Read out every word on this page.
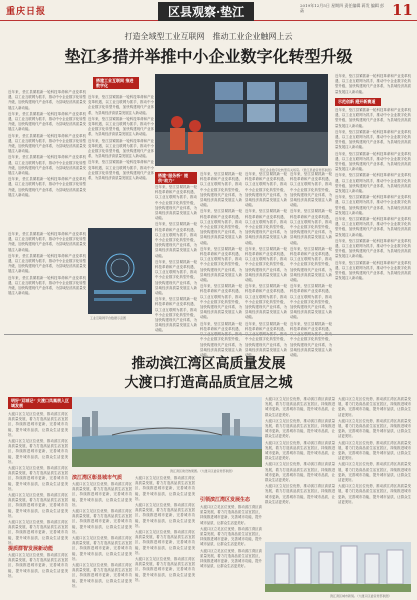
重庆日报	区县观察·垫江	2019年12月5日 星期四 责任编辑 蒋发 编辑 彭菡	11
打造全域型工业互联网　推动工业企业触网上云
垫江多措并举推中小企业数字化转型升级
搭建工业互联网 推进数字化

近年来，垫江县紧抓新一轮科技革命和产业变革机遇，以工业互联网为抓手，推动中小企业数字化转型升级，加快构建现代产业体系，为县域经济高质量发展注入新动能。

近年来，垫江县紧抓新一轮科技革命和产业变革机遇，以工业互联网为抓手，推动中小企业数字化转型升级，加快构建现代产业体系，为县域经济高质量发展注入新动能。

近年来，垫江县紧抓新一轮科技革命和产业变革机遇，以工业互联网为抓手，推动中小企业数字化转型升级，加快构建现代产业体系，为县域经济高质量发展注入新动能。

近年来，垫江县紧抓新一轮科技革命和产业变革机遇，以工业互联网为抓手，推动中小企业数字化转型升级，加快构建现代产业体系，为县域经济高质量发展注入新动能。

近年来，垫江县紧抓新一轮科技革命和产业变革机遇，以工业互联网为抓手，推动中小企业数字化转型升级，加快构建现代产业体系，为县域经济高质量发展注入新动能。

近年来，垫江县紧抓新一轮科技革命和产业变革机遇，以工业互联网为抓手，推动中小企业数字化转型升级，加快构建现代产业体系，为县域经济高质量发展注入新动能。

近年来，垫江县紧抓新一轮科技革命和产业变革机遇，以工业互联网为抓手，推动中小企业数字化转型升级，加快构建现代产业体系，为县域经济高质量发展注入新动能。

近年来，垫江县紧抓新一轮科技革命和产业变革机遇，以工业互联网为抓手，推动中小企业数字化转型升级，加快构建现代产业体系，为县域经济高质量发展注入新动能。

近年来，垫江县紧抓新一轮科技革命和产业变革机遇，以工业互联网为抓手，推动中小企业数字化转型升级，加快构建现代产业体系，为县域经济高质量发展注入新动能。

垫江企业数字化转型有关场景。（垫江县委宣传部供图）

近年来，垫江县紧抓新一轮科技革命和产业变革机遇，以工业互联网为抓手，推动中小企业数字化转型升级，加快构建现代产业体系，为县域经济高质量发展注入新动能。

示范创新 蹬开新赛道

近年来，垫江县紧抓新一轮科技革命和产业变革机遇，以工业互联网为抓手，推动中小企业数字化转型升级，加快构建现代产业体系，为县域经济高质量发展注入新动能。

近年来，垫江县紧抓新一轮科技革命和产业变革机遇，以工业互联网为抓手，推动中小企业数字化转型升级，加快构建现代产业体系，为县域经济高质量发展注入新动能。

近年来，垫江县紧抓新一轮科技革命和产业变革机遇，以工业互联网为抓手，推动中小企业数字化转型升级，加快构建现代产业体系，为县域经济高质量发展注入新动能。

近年来，垫江县紧抓新一轮科技革命和产业变革机遇，以工业互联网为抓手，推动中小企业数字化转型升级，加快构建现代产业体系，为县域经济高质量发展注入新动能。

近年来，垫江县紧抓新一轮科技革命和产业变革机遇，以工业互联网为抓手，推动中小企业数字化转型升级，加快构建现代产业体系，为县域经济高质量发展注入新动能。

近年来，垫江县紧抓新一轮科技革命和产业变革机遇，以工业互联网为抓手，推动中小企业数字化转型升级，加快构建现代产业体系，为县域经济高质量发展注入新动能。

近年来，垫江县紧抓新一轮科技革命和产业变革机遇，以工业互联网为抓手，推动中小企业数字化转型升级，加快构建现代产业体系，为县域经济高质量发展注入新动能。

近年来，垫江县紧抓新一轮科技革命和产业变革机遇，以工业互联网为抓手，推动中小企业数字化转型升级，加快构建现代产业体系，为县域经济高质量发展注入新动能。

搭建“服务桥” 提供“助力”

近年来，垫江县紧抓新一轮科技革命和产业变革机遇，以工业互联网为抓手，推动中小企业数字化转型升级，加快构建现代产业体系，为县域经济高质量发展注入新动能。

近年来，垫江县紧抓新一轮科技革命和产业变革机遇，以工业互联网为抓手，推动中小企业数字化转型升级，加快构建现代产业体系，为县域经济高质量发展注入新动能。

近年来，垫江县紧抓新一轮科技革命和产业变革机遇，以工业互联网为抓手，推动中小企业数字化转型升级，加快构建现代产业体系，为县域经济高质量发展注入新动能。

近年来，垫江县紧抓新一轮科技革命和产业变革机遇，以工业互联网为抓手，推动中小企业数字化转型升级，加快构建现代产业体系，为县域经济高质量发展注入新动能。

近年来，垫江县紧抓新一轮科技革命和产业变革机遇，以工业互联网为抓手，推动中小企业数字化转型升级，加快构建现代产业体系，为县域经济高质量发展注入新动能。

近年来，垫江县紧抓新一轮科技革命和产业变革机遇，以工业互联网为抓手，推动中小企业数字化转型升级，加快构建现代产业体系，为县域经济高质量发展注入新动能。

近年来，垫江县紧抓新一轮科技革命和产业变革机遇，以工业互联网为抓手，推动中小企业数字化转型升级，加快构建现代产业体系，为县域经济高质量发展注入新动能。

近年来，垫江县紧抓新一轮科技革命和产业变革机遇，以工业互联网为抓手，推动中小企业数字化转型升级，加快构建现代产业体系，为县域经济高质量发展注入新动能。

近年来，垫江县紧抓新一轮科技革命和产业变革机遇， 中小企业数字化转型升级，加快构建现代产业体系，为县域经济高质量发展注入新动能。

近年来，垫江县紧抓新一轮科技革命和产业变革机遇，以工业互联网为抓手，推动中小企业数字化转型升级，加快构建现代产业体系，为县域经济高质量发展注入新动能。

近年来，垫江县紧抓新一轮科技革命和产业变革机遇，以工业互联网为抓手，推动中小企业数字化转型升级，加快构建现代产业体系，为县域经济高质量发展注入新动能。

近年来，垫江县紧抓新一轮科技革命和产业变革机遇，以工业互联网为抓手，推动中小企业数字化转型升级，加快构建现代产业体系，为县域经济高质量发展注入新动能。

近年来，垫江县紧抓新一轮科技革命和产业变革机遇，以工业互联网为抓手，推动中小企业数字化转型升级，加快构建现代产业体系，为县域经济高质量发展注入新动能。

近年来，垫江县紧抓新一轮科技革命和产业变革机遇， 中小企业数字化转型升级，加快构建现代产业体系，为县域经济高质量发展注入新动能。

近年来，垫江县紧抓新一轮科技革命和产业变革机遇，以工业互联网为抓手，推动中小企业数字化转型升级，加快构建现代产业体系，为县域经济高质量发展注入新动能。

近年来，垫江县紧抓新一轮科技革命和产业变革机遇，以工业互联网为抓手，推动中小企业数字化转型升级，加快构建现代产业体系，为县域经济高质量发展注入新动能。

近年来，垫江县紧抓新一轮科技革命和产业变革机遇，以工业互联网为抓手，推动中小企业数字化转型升级，加快构建现代产业体系，为县域经济高质量发展注入新动能。

近年来，垫江县紧抓新一轮科技革命和产业变革机遇，以工业互联网为抓手，推动中小企业数字化转型升级，加快构建现代产业体系，为县域经济高质量发展注入新动能。

近年来，垫江县紧抓新一轮科技革命和产业变革机遇， 中小企业数字化转型升级，加快构建现代产业体系，为县域经济高质量发展注入新动能。

工业互联网平台数据示意图

近年来，垫江县紧抓新一轮科技革命和产业变革机遇，以工业互联网为抓手，推动中小企业数字化转型升级，加快构建现代产业体系，为县域经济高质量发展注入新动能。

近年来，垫江县紧抓新一轮科技革命和产业变革机遇，以工业互联网为抓手，推动中小企业数字化转型升级，加快构建现代产业体系，为县域经济高质量发展注入新动能。

近年来，垫江县紧抓新一轮科技革命和产业变革机遇，以工业互联网为抓手，推动中小企业数字化转型升级，加快构建现代产业体系，为县域经济高质量发展注入新动能。

推动滨江湾区高质量发展
大渡口打造高品质宜居之城
明好“双城记” 大渡口凤凰展入区域发展

大渡口区立足区位优势，推动滨江湾区高质量发展，着力打造高品质生活宜居区，持续推进城市更新，完善城市功能，提升城市品质，让群众生活更美好。

大渡口区立足区位优势，推动滨江湾区高质量发展，着力打造高品质生活宜居区，持续推进城市更新，完善城市功能，提升城市品质，让群众生活更美好。

大渡口区立足区位优势，推动滨江湾区高质量发展，着力打造高品质生活宜居区，持续推进城市更新，完善城市功能，提升城市品质，让群众生活更美好。

大渡口区立足区位优势，推动滨江湾区高质量发展，着力打造高品质生活宜居区，持续推进城市更新，完善城市功能，提升城市品质，让群众生活更美好。

大渡口区立足区位优势，推动滨江湾区高质量发展，着力打造高品质生活宜居区，持续推进城市更新，完善城市功能，提升城市品质，让群众生活更美好。

滨江湾区建设效果图。（大渡口区委宣传部供图）

大渡口区立足区位优势，推动滨江湾区高质量发展，着力打造高品质生活宜居区，持续推进城市更新，完善城市功能，提升城市品质，让群众生活更美好。

大渡口区立足区位优势，推动滨江湾区高质量发展，着力打造高品质生活宜居区，持续推进城市更新，完善城市功能，提升城市品质，让群众生活更美好。

大渡口区立足区位优势，推动滨江湾区高质量发展，着力打造高品质生活宜居区，持续推进城市更新，完善城市功能，提升城市品质，让群众生活更美好。

大渡口区立足区位优势，推动滨江湾区高质量发展，着力打造高品质生活宜居区，持续推进城市更新，完善城市功能，提升城市品质，让群众生活更美好。

大渡口区立足区位优势，推动滨江湾区高质量发展，着力打造高品质生活宜居区，持续推进城市更新，完善城市功能，提升城市品质，让群众生活更美好。

大渡口区立足区位优势，推动滨江湾区高质量发展，着力打造高品质生活宜居区，持续推进城市更新，完善城市功能，提升城市品质，让群众生活更美好。

大渡口区立足区位优势，推动滨江湾区高质量发展，着力打造高品质生活宜居区，持续推进城市更新，完善城市功能，提升城市品质，让群众生活更美好。

大渡口区立足区位优势，推动滨江湾区高质量发展，着力打造高品质生活宜居区，持续推进城市更新，完善城市功能，提升城市品质，让群众生活更美好。

大渡口区立足区位优势，推动滨江湾区高质量发展，着力打造高品质生活宜居区，持续推进城市更新，完善城市功能，提升城市品质，让群众生活更美好。

大渡口区立足区位优势，推动滨江湾区高质量发展，着力打造高品质生活宜居区，持续推进城市更新，完善城市功能，提升城市品质，让群众生活更美好。

滨江湾区彰显城市气质

大渡口区立足区位优势，推动滨江湾区高质量发展，着力打造高品质生活宜居区，持续推进城市更新，完善城市功能，提升城市品质，让群众生活更美好。

大渡口区立足区位优势，推动滨江湾区高质量发展，着力打造高品质生活宜居区，持续推进城市更新，完善城市功能，提升城市品质，让群众生活更美好。

大渡口区立足区位优势，推动滨江湾区高质量发展，着力打造高品质生活宜居区，持续推进城市更新，完善城市功能，提升城市品质，让群众生活更美好。

大渡口区立足区位优势，推动滨江湾区高质量发展，着力打造高品质生活宜居区，持续推进城市更新，完善城市功能，提升城市品质，让群众生活更美好。

大渡口区立足区位优势，推动滨江湾区高质量发展，着力打造高品质生活宜居区，持续推进城市更新，完善城市功能，提升城市品质，让群众生活更美好。

大渡口区立足区位优势，推动滨江湾区高质量发展，着力打造高品质生活宜居区，持续推进城市更新，完善城市功能，提升城市品质，让群众生活更美好。

大渡口区立足区位优势，推动滨江湾区高质量发展，着力打造高品质生活宜居区，持续推进城市更新，完善城市功能，提升城市品质，让群众生活更美好。

大渡口区立足区位优势，推动滨江湾区高质量发展，着力打造高品质生活宜居区，持续推进城市更新，完善城市功能，提升城市品质，让群众生活更美好。

引领滨江湾区发展生态

大渡口区立足区位优势，推动滨江湾区高质量发展，着力打造高品质生活宜居区，持续推进城市更新，完善城市功能，提升城市品质，让群众生活更美好。

大渡口区立足区位优势，推动滨江湾区高质量发展，着力打造高品质生活宜居区，持续推进城市更新，完善城市功能，提升城市品质，让群众生活更美好。

大渡口区立足区位优势，推动滨江湾区高质量发展，着力打造高品质生活宜居区，持续推进城市更新，完善城市功能，提升城市品质，让群众生活更美好。

提质群智发展新动能

大渡口区立足区位优势，推动滨江湾区高质量发展，着力打造高品质生活宜居区，持续推进城市更新，完善城市功能，提升城市品质，让群众生活更美好。

滨江湾区城市新貌。（大渡口区委宣传部供图）
